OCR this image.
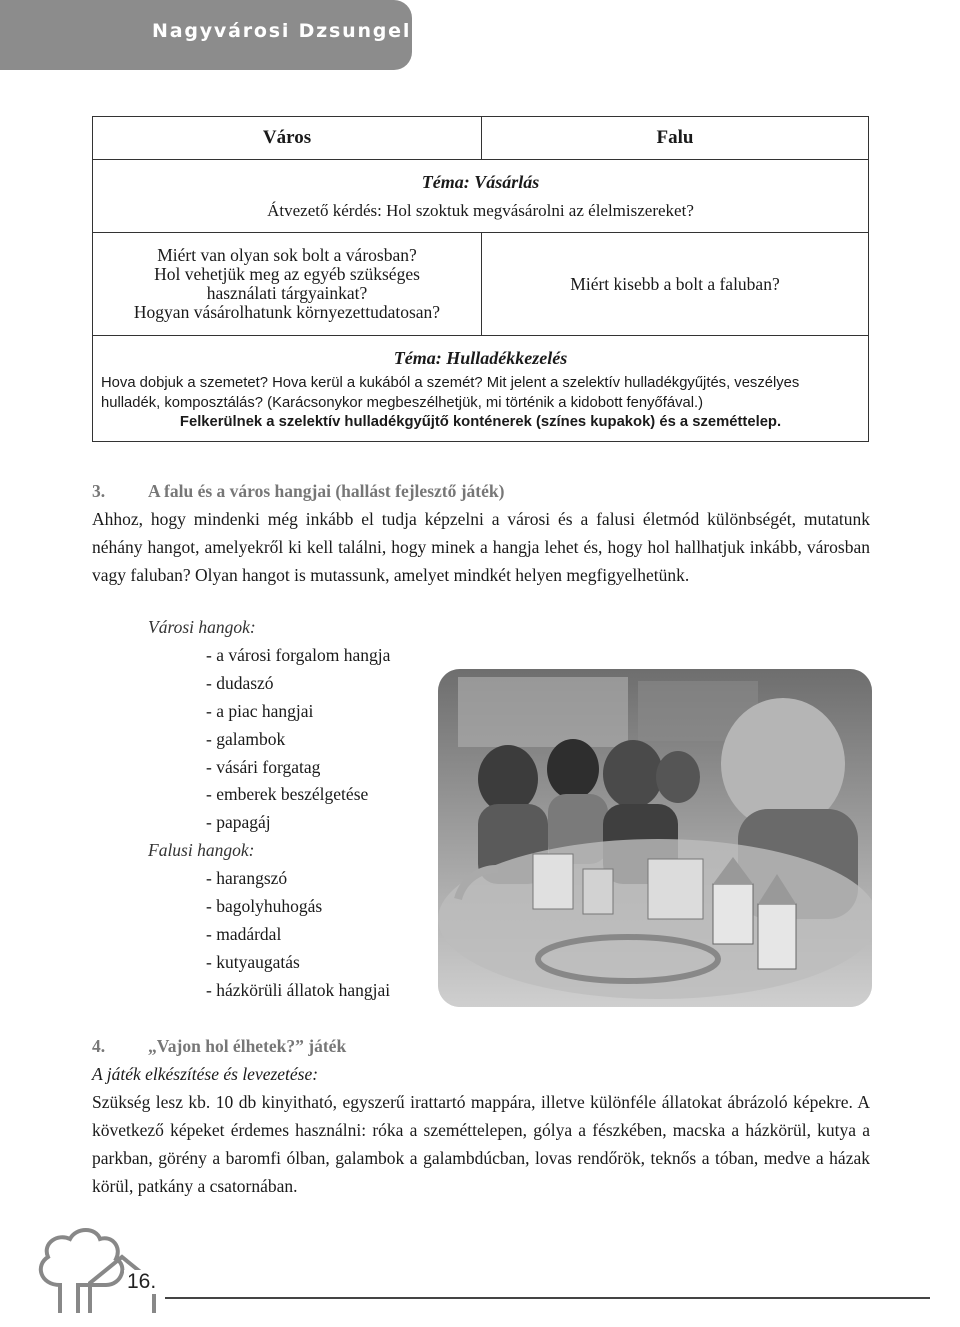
Nagyvárosi Dzsungel
Város	Falu

Téma: Vásárlás
Átvezető kérdés: Hol szoktuk megvásárolni az élelmiszereket?	

Miért van olyan sok bolt a városban?
Hol vehetjük meg az egyéb szükséges
használati tárgyainkat?
Hogyan vásárolhatunk környezettudatosan?	Miért kisebb a bolt a faluban?

Téma: Hulladékkezelés
Hova dobjuk a szemetet? Hova kerül a kukából a szemét? Mit jelent a szelektív hulladékgyűjtés, veszélyes
hulladék, komposztálás? (Karácsonykor megbeszélhetjük, mi történik a kidobott fenyőfával.)
Felkerülnek a szelektív hulladékgyűjtő konténerek (színes kupakok) és a szeméttelep.	
3. A falu és a város hangjai (hallást fejlesztő játék)

Ahhoz, hogy mindenki még inkább el tudja képzelni a városi és a falusi életmód különbségét, mutatunk néhány hangot, amelyekről ki kell találni, hogy minek a hangja lehet és, hogy hol hallhatjuk inkább, városban vagy faluban? Olyan hangot is mutassunk, amelyet mindkét helyen megfigyelhetünk.

Városi hangok:
- a városi forgalom hangja
- dudaszó
- a piac hangjai
- galambok
- vásári forgatag
- emberek beszélgetése
- papagáj
Falusi hangok:
- harangszó
- bagolyhuhogás
- madárdal
- kutyaugatás
- házkörüli állatok hangjai
4. „Vajon hol élhetek?” játék
A játék elkészítése és levezetése:

Szükség lesz kb. 10 db kinyitható, egyszerű irattartó mappára, illetve különféle állatokat ábrázoló képekre. A következő képeket érdemes használni: róka a szeméttelepen, gólya a fészkében, macska a házkörül, kutya a parkban, görény a baromfi ólban, galambok a galambdúcban, lovas rendőrök, teknős a tóban, medve a házak körül, patkány a csatornában.

16.
